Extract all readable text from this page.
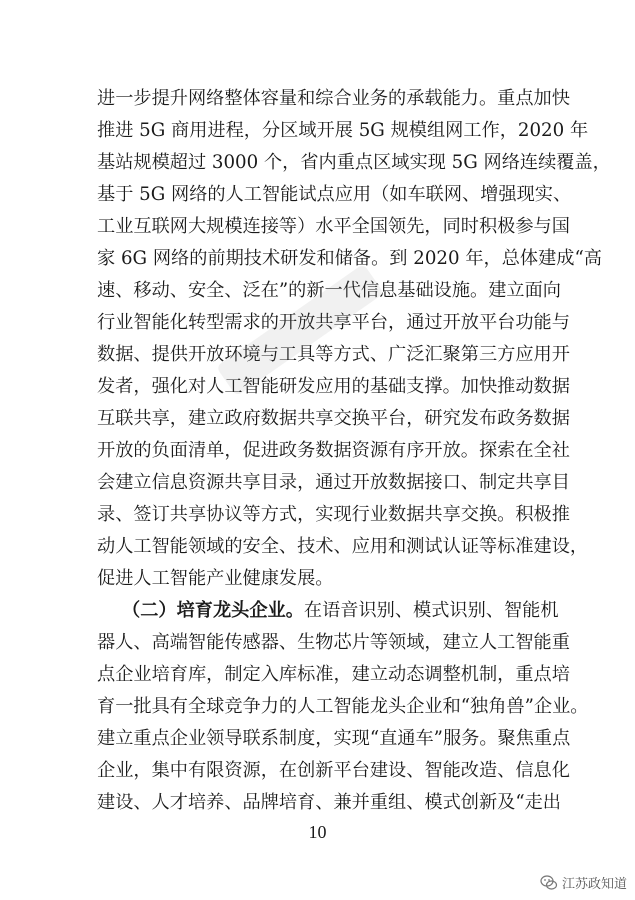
进一步提升网络整体容量和综合业务的承载能力。重点加快
推进 5G 商用进程，分区域开展 5G 规模组网工作，2020 年
基站规模超过 3000 个，省内重点区域实现 5G 网络连续覆盖，
基于 5G 网络的人工智能试点应用（如车联网、增强现实、
工业互联网大规模连接等）水平全国领先，同时积极参与国
家 6G 网络的前期技术研发和储备。到 2020 年，总体建成“高
速、移动、安全、泛在”的新一代信息基础设施。建立面向
行业智能化转型需求的开放共享平台，通过开放平台功能与
数据、提供开放环境与工具等方式、广泛汇聚第三方应用开
发者，强化对人工智能研发应用的基础支撑。加快推动数据
互联共享，建立政府数据共享交换平台，研究发布政务数据
开放的负面清单，促进政务数据资源有序开放。探索在全社
会建立信息资源共享目录，通过开放数据接口、制定共享目
录、签订共享协议等方式，实现行业数据共享交换。积极推
动人工智能领域的安全、技术、应用和测试认证等标准建设，
促进人工智能产业健康发展。
（二）培育龙头企业。在语音识别、模式识别、智能机
器人、高端智能传感器、生物芯片等领域，建立人工智能重
点企业培育库，制定入库标准，建立动态调整机制，重点培
育一批具有全球竞争力的人工智能龙头企业和“独角兽”企业。
建立重点企业领导联系制度，实现“直通车”服务。聚焦重点
企业，集中有限资源，在创新平台建设、智能改造、信息化
建设、人才培养、品牌培育、兼并重组、模式创新及“走出
10
江苏政知道
